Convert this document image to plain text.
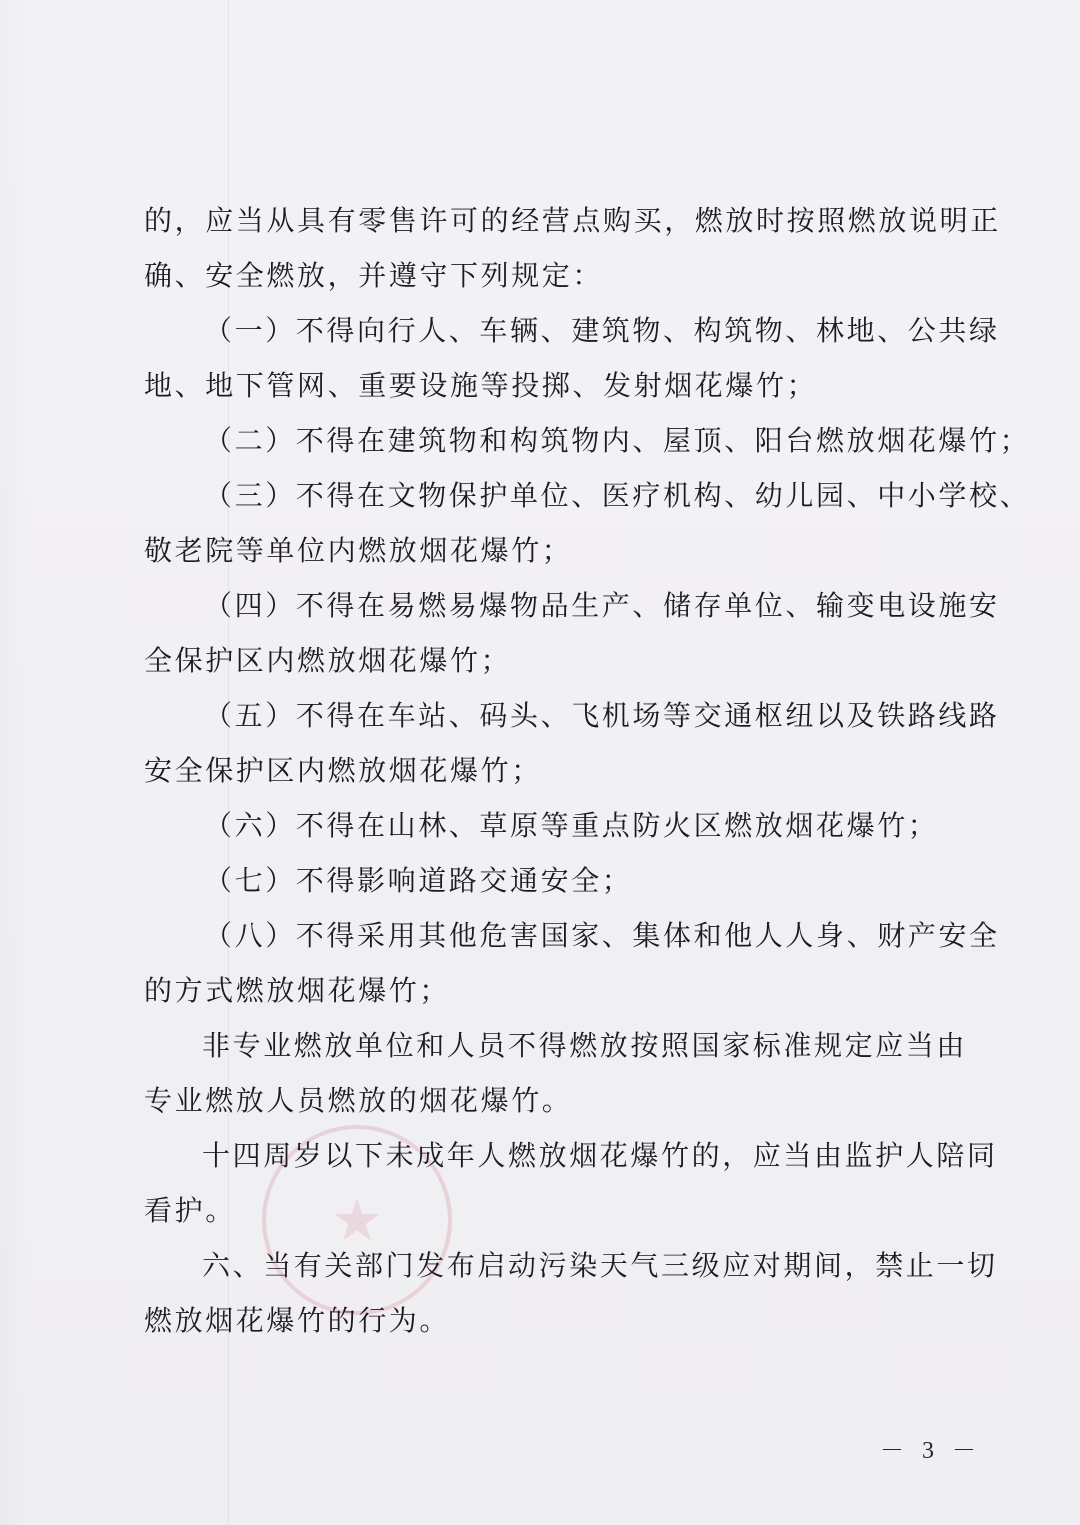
★

的，应当从具有零售许可的经营点购买，燃放时按照燃放说明正

确、安全燃放，并遵守下列规定：

（一）不得向行人、车辆、建筑物、构筑物、林地、公共绿

地、地下管网、重要设施等投掷、发射烟花爆竹；

（二）不得在建筑物和构筑物内、屋顶、阳台燃放烟花爆竹；

（三）不得在文物保护单位、医疗机构、幼儿园、中小学校、

敬老院等单位内燃放烟花爆竹；

（四）不得在易燃易爆物品生产、储存单位、输变电设施安

全保护区内燃放烟花爆竹；

（五）不得在车站、码头、飞机场等交通枢纽以及铁路线路

安全保护区内燃放烟花爆竹；

（六）不得在山林、草原等重点防火区燃放烟花爆竹；

（七）不得影响道路交通安全；

（八）不得采用其他危害国家、集体和他人人身、财产安全

的方式燃放烟花爆竹；

非专业燃放单位和人员不得燃放按照国家标准规定应当由

专业燃放人员燃放的烟花爆竹。

十四周岁以下未成年人燃放烟花爆竹的，应当由监护人陪同

看护。

六、当有关部门发布启动污染天气三级应对期间，禁止一切

燃放烟花爆竹的行为。

－ 3 －
